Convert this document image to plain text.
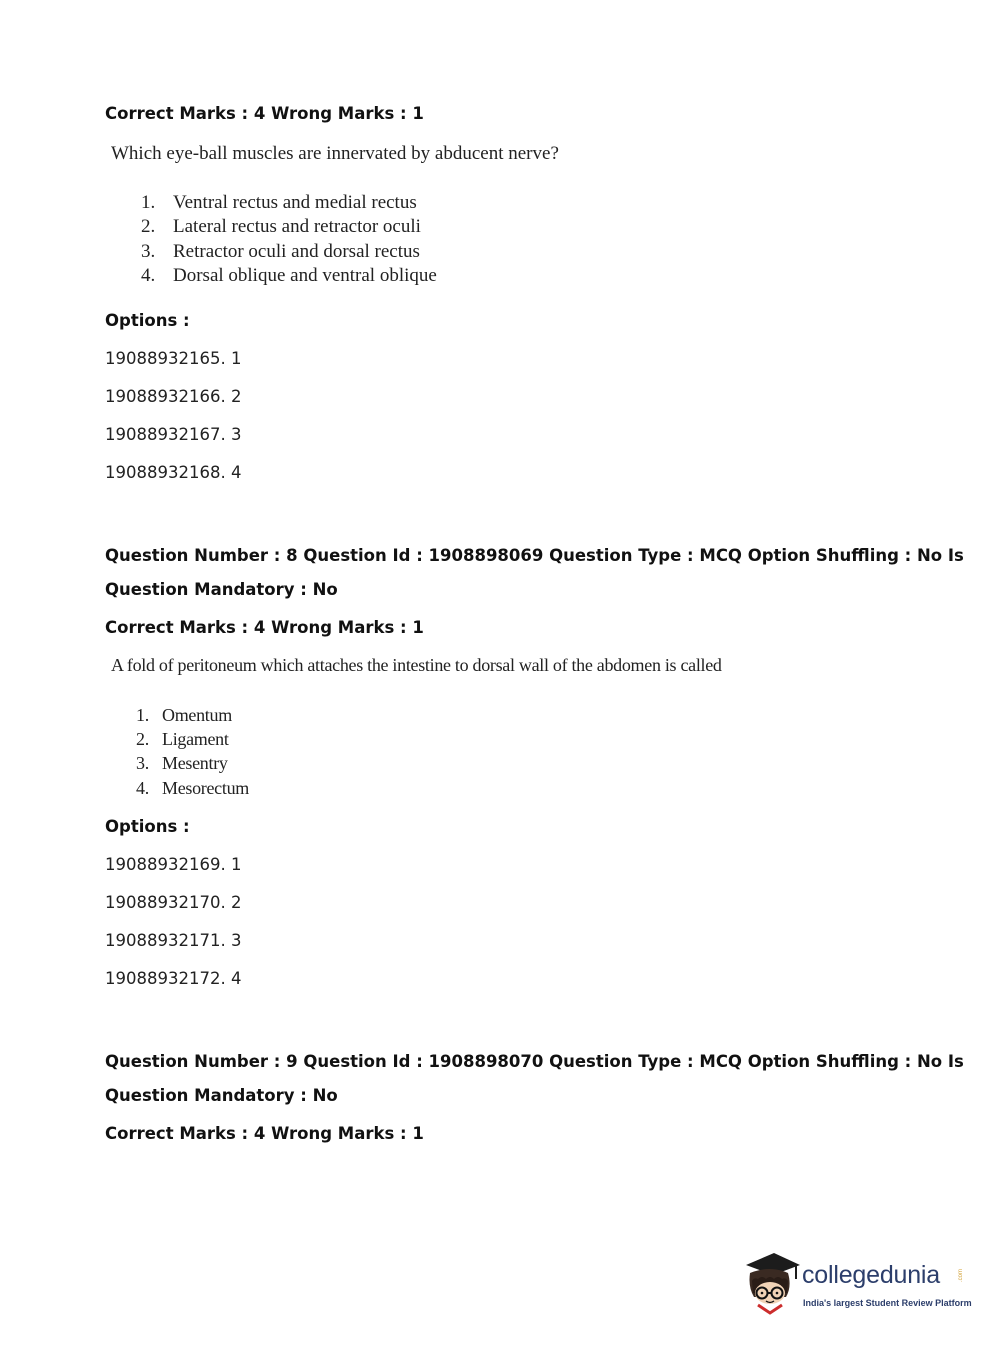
Correct Marks : 4 Wrong Marks : 1
Which eye-ball muscles are innervated by abducent nerve?
1. Ventral rectus and medial rectus
2. Lateral rectus and retractor oculi
3. Retractor oculi and dorsal rectus
4. Dorsal oblique and ventral oblique
Options :
19088932165. 1
19088932166. 2
19088932167. 3
19088932168. 4
Question Number : 8 Question Id : 1908898069 Question Type : MCQ Option Shuffling : No Is
Question Mandatory : No
Correct Marks : 4 Wrong Marks : 1
A fold of peritoneum which attaches the intestine to dorsal wall of the abdomen is called
1. Omentum
2. Ligament
3. Mesentry
4. Mesorectum
Options :
19088932169. 1
19088932170. 2
19088932171. 3
19088932172. 4
Question Number : 9 Question Id : 1908898070 Question Type : MCQ Option Shuffling : No Is
Question Mandatory : No
Correct Marks : 4 Wrong Marks : 1
collegedunia	.com
India's largest Student Review Platform
